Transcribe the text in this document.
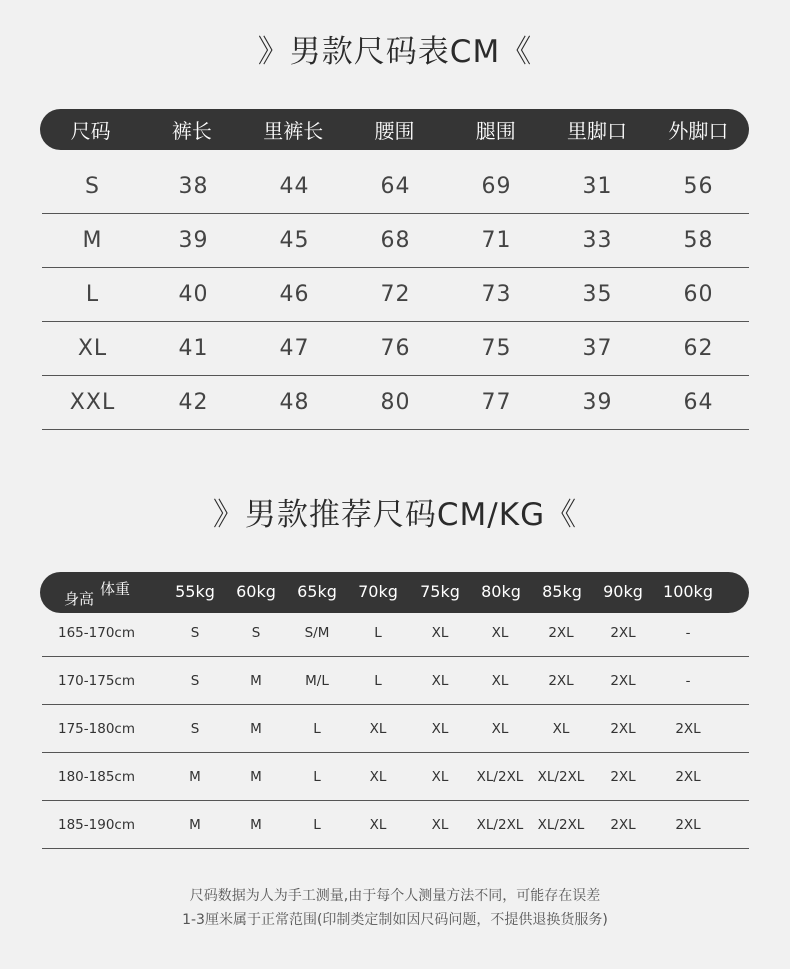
》男款尺码表CM《
尺码	裤长	里裤长	腰围	腿围	里脚口	外脚口
S	38	44	64	69	31	56
M	39	45	68	71	33	58
L	40	46	72	73	35	60
XL	41	47	76	75	37	62
XXL	42	48	80	77	39	64
》男款推荐尺码CM/KG《
身高
体重	55kg	60kg	65kg	70kg	75kg	80kg	85kg	90kg	100kg
165-170cm	S	S	S/M	L	XL	XL	2XL	2XL	-
170-175cm	S	M	M/L	L	XL	XL	2XL	2XL	-
175-180cm	S	M	L	XL	XL	XL	XL	2XL	2XL
180-185cm	M	M	L	XL	XL	XL/2XL	XL/2XL	2XL	2XL
185-190cm	M	M	L	XL	XL	XL/2XL	XL/2XL	2XL	2XL
尺码数据为人为手工测量,由于每个人测量方法不同，可能存在误差
1-3厘米属于正常范围(印制类定制如因尺码问题，不提供退换货服务)
